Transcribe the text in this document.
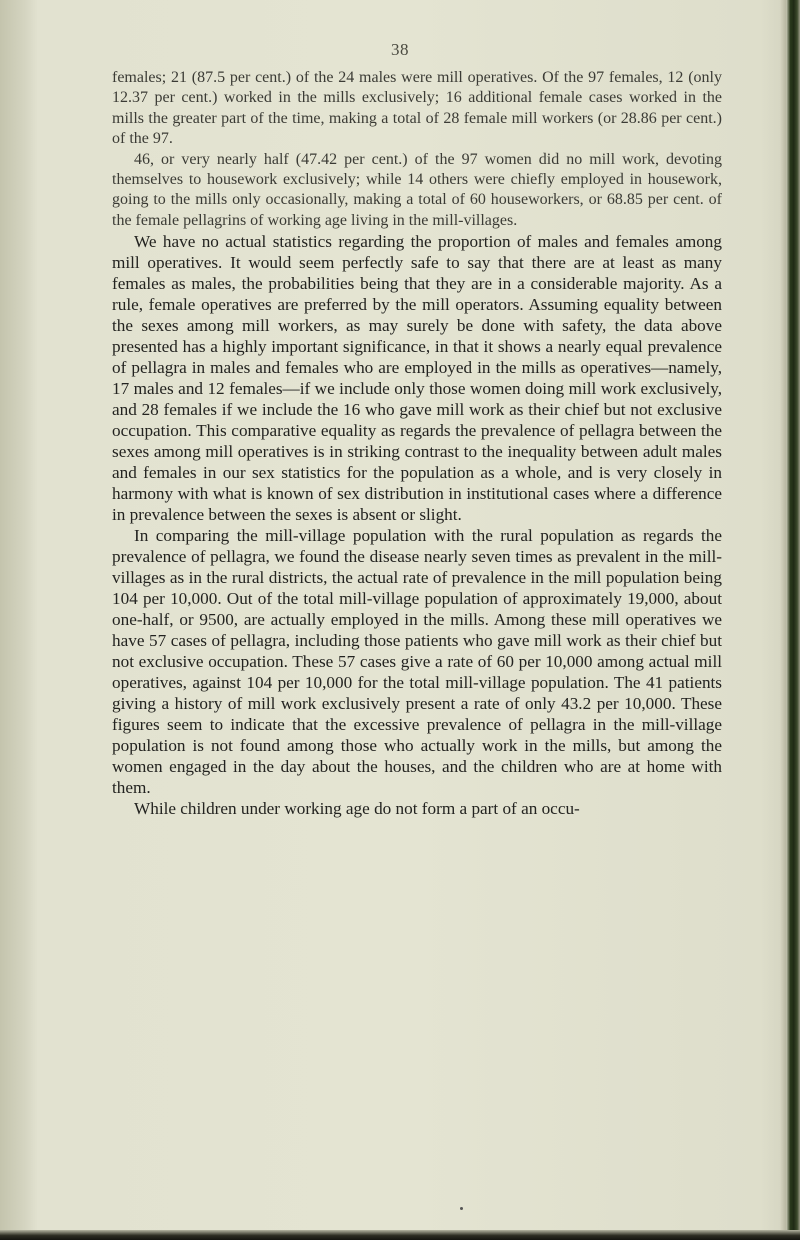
38

females; 21 (87.5 per cent.) of the 24 males were mill operatives. Of the 97 females, 12 (only 12.37 per cent.) worked in the mills exclusively; 16 additional female cases worked in the mills the greater part of the time, making a total of 28 female mill workers (or 28.86 per cent.) of the 97.

46, or very nearly half (47.42 per cent.) of the 97 women did no mill work, devoting themselves to housework exclusively; while 14 others were chiefly employed in housework, going to the mills only occasionally, making a total of 60 houseworkers, or 68.85 per cent. of the female pellagrins of working age living in the mill-villages.

We have no actual statistics regarding the proportion of males and females among mill operatives. It would seem perfectly safe to say that there are at least as many females as males, the probabilities being that they are in a considerable majority. As a rule, female operatives are preferred by the mill operators. Assuming equality between the sexes among mill workers, as may surely be done with safety, the data above presented has a highly important significance, in that it shows a nearly equal prevalence of pellagra in males and females who are employed in the mills as operatives—namely, 17 males and 12 females—if we include only those women doing mill work exclusively, and 28 females if we include the 16 who gave mill work as their chief but not exclusive occupation. This comparative equality as regards the prevalence of pellagra between the sexes among mill operatives is in striking contrast to the inequality between adult males and females in our sex statistics for the population as a whole, and is very closely in harmony with what is known of sex distribution in institutional cases where a difference in prevalence between the sexes is absent or slight.

In comparing the mill-village population with the rural population as regards the prevalence of pellagra, we found the disease nearly seven times as prevalent in the mill-villages as in the rural districts, the actual rate of prevalence in the mill population being 104 per 10,000. Out of the total mill-village population of approximately 19,000, about one-half, or 9500, are actually employed in the mills. Among these mill operatives we have 57 cases of pellagra, including those patients who gave mill work as their chief but not exclusive occupation. These 57 cases give a rate of 60 per 10,000 among actual mill operatives, against 104 per 10,000 for the total mill-village population. The 41 patients giving a history of mill work exclusively present a rate of only 43.2 per 10,000. These figures seem to indicate that the excessive prevalence of pellagra in the mill-village population is not found among those who actually work in the mills, but among the women engaged in the day about the houses, and the children who are at home with them.

While children under working age do not form a part of an occu-
